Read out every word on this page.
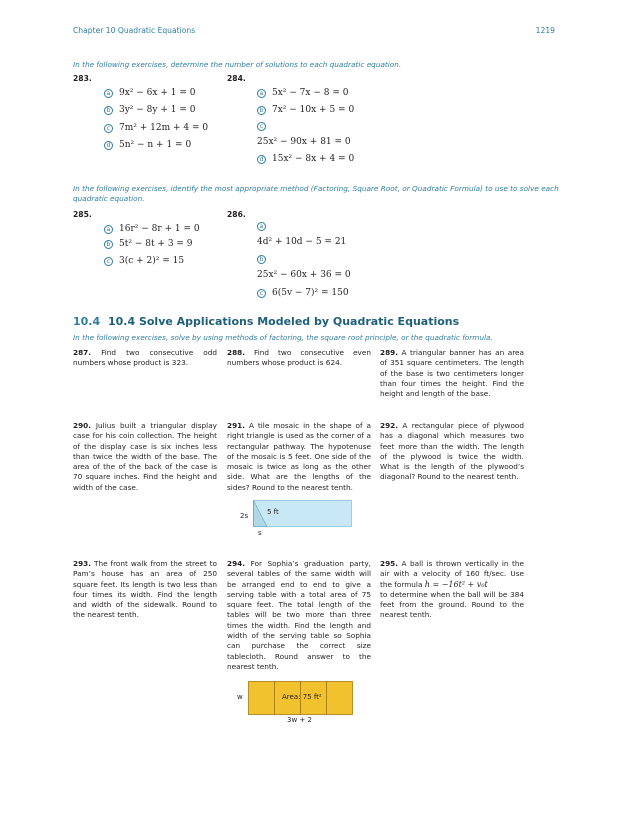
Chapter 10 Quadratic Equations	1219
In the following exercises, determine the number of solutions to each quadratic equation.
283.
a 9x² − 6x + 1 = 0
b 3y² − 8y + 1 = 0
c 7m² + 12m + 4 = 0
d 5n² − n + 1 = 0
284.
a 5x² − 7x − 8 = 0
b 7x² − 10x + 5 = 0
c
25x² − 90x + 81 = 0
d 15x² − 8x + 4 = 0
In the following exercises, identify the most appropriate method (Factoring, Square Root, or Quadratic Formula) to use to solve each quadratic equation.
285.
a 16r² − 8r + 1 = 0
b 5t² − 8t + 3 = 9
c 3(c + 2)² = 15
286.
a
4d² + 10d − 5 = 21
b
25x² − 60x + 36 = 0
c 6(5v − 7)² = 150
10.4 10.4 Solve Applications Modeled by Quadratic Equations
In the following exercises, solve by using methods of factoring, the square root principle, or the quadratic formula.
287. Find two consecutive odd numbers whose product is 323.
288. Find two consecutive even numbers whose product is 624.
289. A triangular banner has an area of 351 square centimeters. The length of the base is two centimeters longer than four times the height. Find the height and length of the base.
290. Julius built a triangular display case for his coin collection. The height of the display case is six inches less than twice the width of the base. The area of the of the back of the case is 70 square inches. Find the height and width of the case.
291. A tile mosaic in the shape of a right triangle is used as the corner of a rectangular pathway. The hypotenuse of the mosaic is 5 feet. One side of the mosaic is twice as long as the other side. What are the lengths of the sides? Round to the nearest tenth.
292. A rectangular piece of plywood has a diagonal which measures two feet more than the width. The length of the plywood is twice the width. What is the length of the plywood’s diagonal? Round to the nearest tenth.
5 ft
2s
s
293. The front walk from the street to Pam’s house has an area of 250 square feet. Its length is two less than four times its width. Find the length and width of the sidewalk. Round to the nearest tenth.
294. For Sophia’s graduation party, several tables of the same width will be arranged end to end to give a serving table with a total area of 75 square feet. The total length of the tables will be two more than three times the width. Find the length and width of the serving table so Sophia can purchase the correct size tablecloth. Round answer to the nearest tenth.
295. A ball is thrown vertically in the air with a velocity of 160 ft/sec. Use the formula h = −16t² + v₀t
to determine when the ball will be 384 feet from the ground. Round to the nearest tenth.
w	Area: 75 ft²
3w + 2
